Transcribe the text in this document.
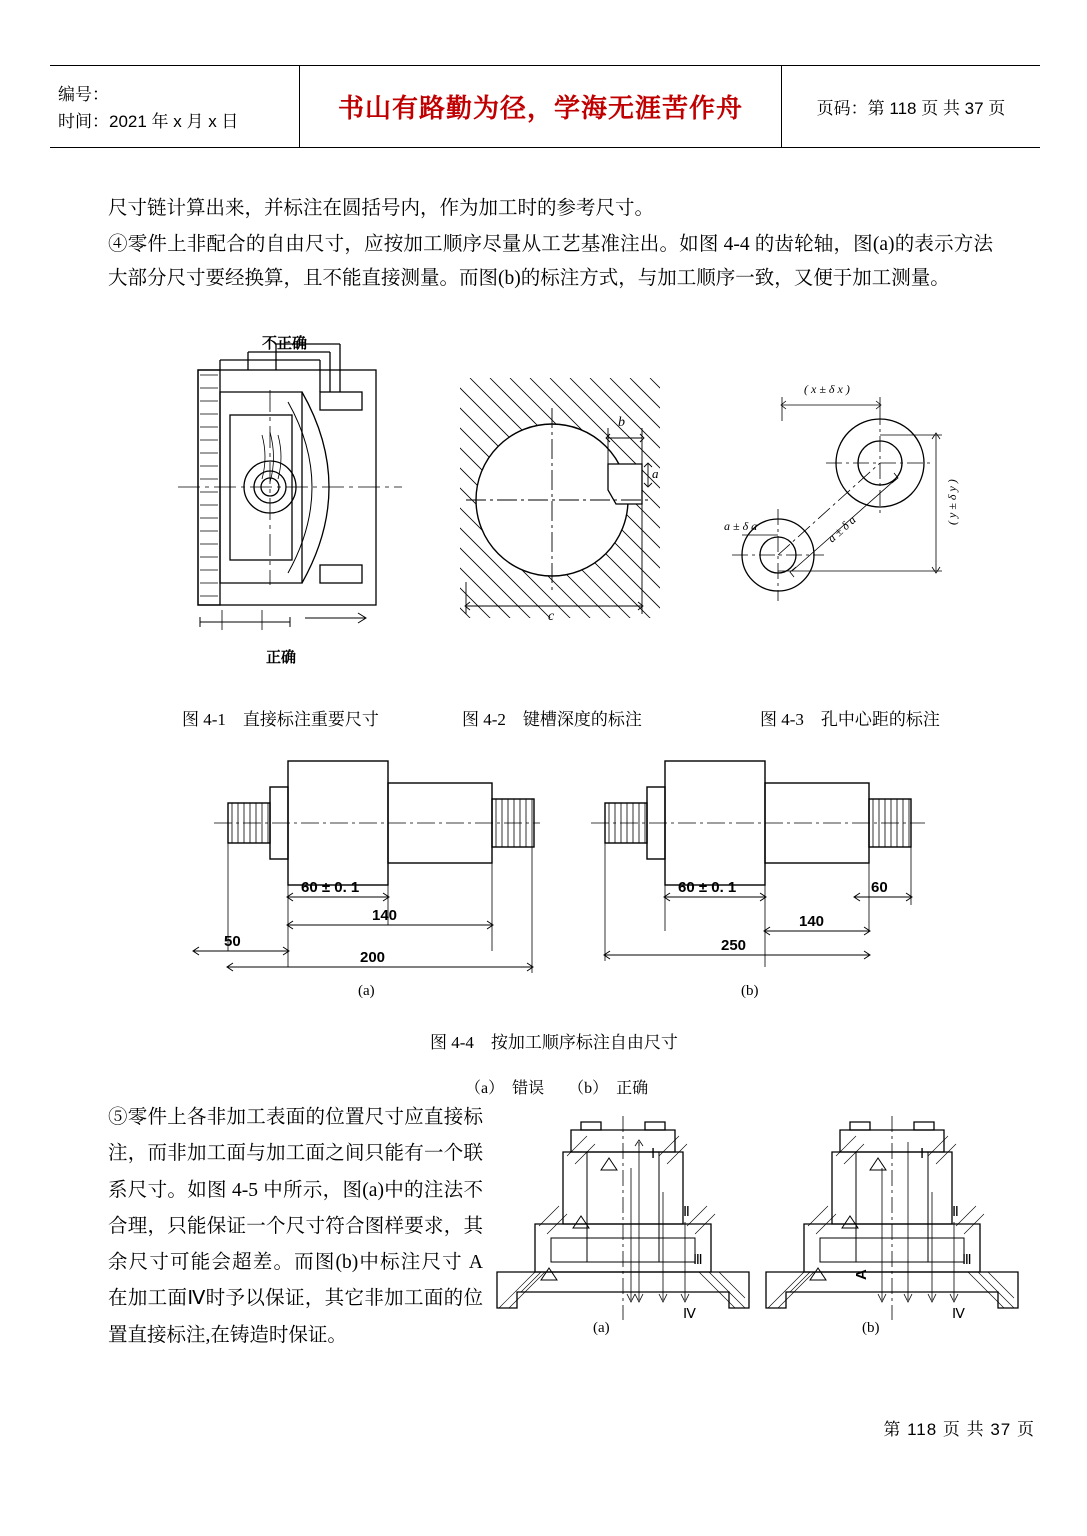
编号：
时间：2021 年 x 月 x 日	书山有路勤为径，学海无涯苦作舟	页码：第 118 页 共 37 页
尺寸链计算出来，并标注在圆括号内，作为加工时的参考尺寸。
④零件上非配合的自由尺寸，应按加工顺序尽量从工艺基准注出。如图 4-4 的齿轮轴，图(a)的表示方法大部分尺寸要经换算，且不能直接测量。而图(b)的标注方式，与加工顺序一致，又便于加工测量。
不正确
正确
b
a
c
( x ± δ x )
a ± δ a	a ± δ a
( y ± δ y )
图 4-1　直接标注重要尺寸	图 4-2　键槽深度的标注	图 4-3　孔中心距的标注
60 ± 0. 1
140
50
200
(a)
60 ± 0. 1	60
140
250
(b)
图 4-4　按加工顺序标注自由尺寸
（a）　错误　　（b）　正确
⑤零件上各非加工表面的位置尺寸应直接标注，而非加工面与加工面之间只能有一个联系尺寸。如图 4-5 中所示，图(a)中的注法不合理，只能保证一个尺寸符合图样要求，其余尺寸可能会超差。而图(b)中标注尺寸 A 在加工面Ⅳ时予以保证，其它非加工面的位置直接标注,在铸造时保证。
Ⅰ
Ⅱ
Ⅲ
Ⅳ
(a)
Ⅰ
Ⅱ
Ⅲ
Ⅳ
A
(b)
第 118 页 共 37 页
